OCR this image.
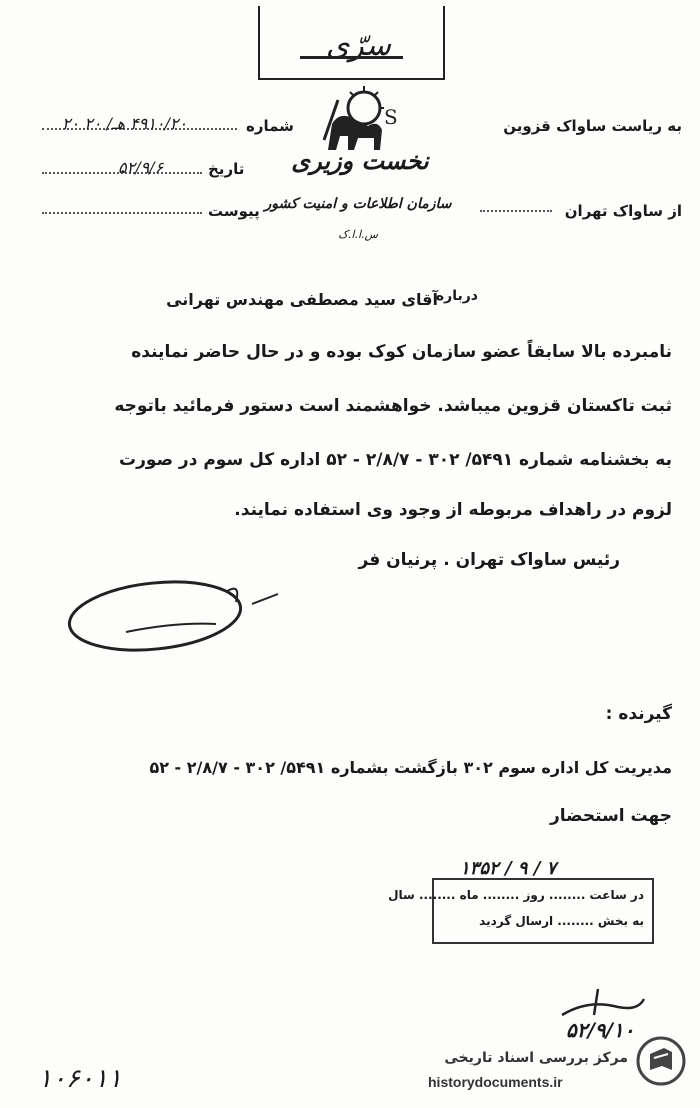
سرّی
S
نخست وزیری
سازمان اطلاعات و امنیت کشور
س.ا.ا.ک
به ریاست ساواک قزوین
از ساواک تهران
شماره
۴۹۱۰/۲۰ هـ/ ۲۰ ۲۰
تاریخ
۵۲/۹/۶
پیوست
درباره
آقای سید مصطفی مهندس تهرانی
نامبرده بالا سابقاً عضو سازمان کوک بوده و در حال حاضر نماینده
ثبت تاکستان قزوین میباشد. خواهشمند است دستور فرمائید باتوجه
به بخشنامه شماره ۵۴۹۱/ ۳۰۲ - ۲/۸/۷ - ۵۲ اداره کل سوم در صورت
لزوم در راهداف مربوطه از وجود وی استفاده نمایند.
رئیس ساواک تهران . پرنیان فر
گیرنده :
مدیریت کل اداره سوم ۳۰۲ بازگشت بشماره ۵۴۹۱/ ۳۰۲ - ۲/۸/۷ - ۵۲
جهت استحضار
۱۳۵۲ / ۹ / ۷
در ساعت ........ روز ........ ماه ........ سال
به بخش ........ ارسال گردید
۵۲/۹/۱۰
۱۰۶۰۱۱
مرکز بررسی اسناد تاریخی
historydocuments.ir
